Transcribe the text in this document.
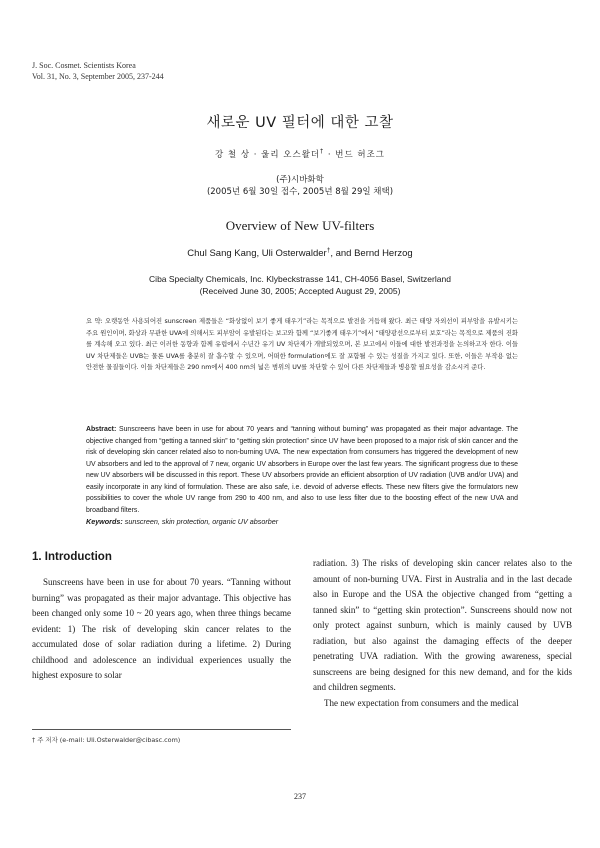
J. Soc. Cosmet. Scientists Korea
Vol. 31, No. 3, September 2005, 237-244
새로운 UV 필터에 대한 고찰
강 철 상 · 울리 오스왈더† · 번드 허조그
(주)시바화학
(2005년 6월 30일 접수, 2005년 8월 29일 채택)
Overview of New UV-filters
Chul Sang Kang, Uli Osterwalder†, and Bernd Herzog
Ciba Specialty Chemicals, Inc. Klybeckstrasse 141, CH-4056 Basel, Switzerland
(Received June 30, 2005; Accepted August 29, 2005)
요 약: 오랫동안 사용되어진 sunscreen 제품들은 “화상없이 보기 좋게 태우기”라는 목적으로 발전을 거듭해 왔다. 최근 태양 자외선이 피부암을 유발시키는 주요 원인이며, 화상과 무관한 UVA에 의해서도 피부암이 유발된다는 보고와 함께 “보기좋게 태우기”에서 “태양광선으로부터 보호”라는 목적으로 제품의 진화를 계속해 오고 있다. 최근 이러한 동향과 함께 유럽에서 수년간 유기 UV 차단제가 개발되었으며, 본 보고에서 이들에 대한 발전과정을 논의하고자 한다. 이들 UV 차단제들은 UVB는 물론 UVA를 충분히 잘 흡수할 수 있으며, 어떠한 formulation에도 잘 포함될 수 있는 성질을 가지고 있다. 또한, 이들은 부작용 없는 안전한 물질들이다. 이들 차단제들은 290 nm에서 400 nm의 넓은 범위의 UV를 차단할 수 있어 다른 차단제들과 병용할 필요성을 감소시켜 준다.
Abstract: Sunscreens have been in use for about 70 years and “tanning without burning” was propagated as their major advantage. The objective changed from “getting a tanned skin” to “getting skin protection” since UV have been proposed to a major risk of skin cancer and the risk of developing skin cancer related also to non-burning UVA. The new expectation from consumers has triggered the development of new UV absorbers and led to the approval of 7 new, organic UV absorbers in Europe over the last few years. The significant progress due to these new UV absorbers will be discussed in this report. These UV absorbers provide an efficient absorption of UV radiation (UVB and/or UVA) and easily incorporate in any kind of formulation. These are also safe, i.e. devoid of adverse effects. These new filters give the formulators new possibilities to cover the whole UV range from 290 to 400 nm, and also to use less filter due to the boosting effect of the new UVA and broadband filters.
Keywords: sunscreen, skin protection, organic UV absorber
1. Introduction

Sunscreens have been in use for about 70 years. “Tanning without burning” was propagated as their major advantage. This objective has been changed only some 10 ~ 20 years ago, when three things became evident: 1) The risk of developing skin cancer relates to the accumulated dose of solar radiation during a lifetime. 2) During childhood and adolescence an individual experiences usually the highest exposure to solar

radiation. 3) The risks of developing skin cancer relates also to the amount of non-burning UVA. First in Australia and in the last decade also in Europe and the USA the objective changed from “getting a tanned skin” to “getting skin protection”. Sunscreens should now not only protect against sunburn, which is mainly caused by UVB radiation, but also against the damaging effects of the deeper penetrating UVA radiation. With the growing awareness, special sunscreens are being designed for this new demand, and for the kids and children segments.

The new expectation from consumers and the medical

† 주 저자 (e-mail: Uli.Osterwalder@cibasc.com)
237
